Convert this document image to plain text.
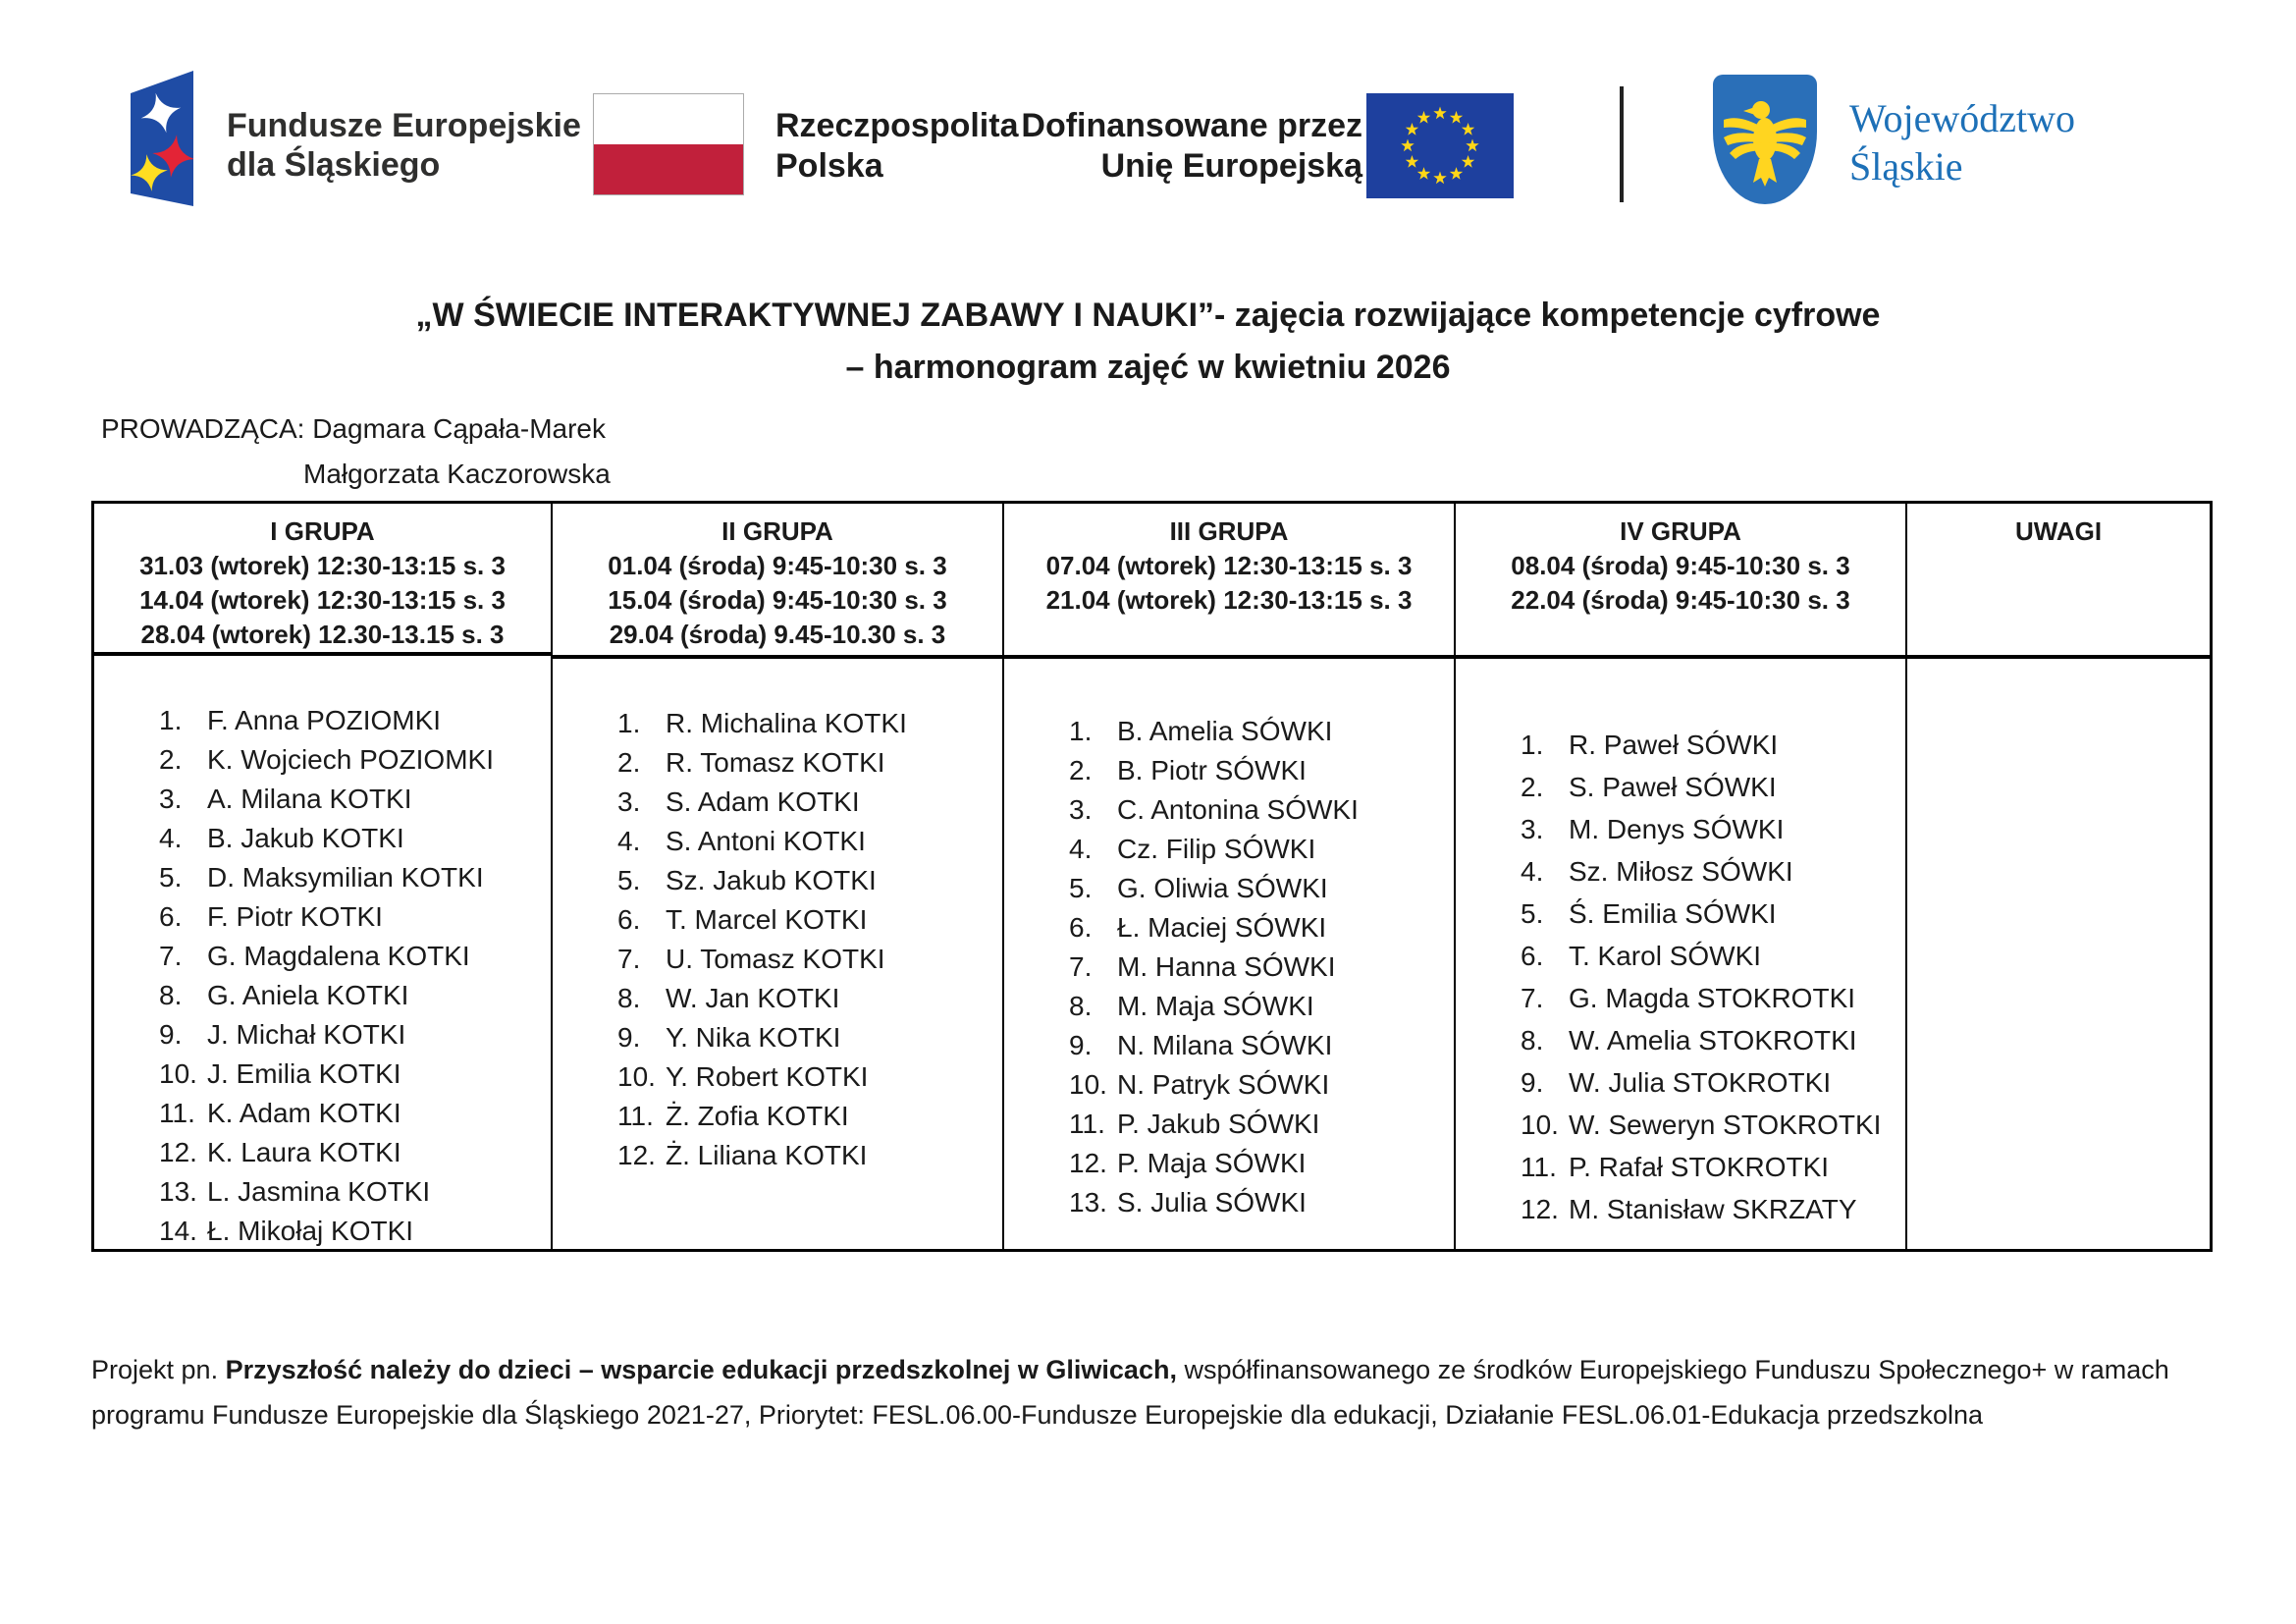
Fundusze Europejskie
dla Śląskiego
Rzeczpospolita
Polska
Dofinansowane przez
Unię Europejską
Województwo
Śląskie
„W ŚWIECIE INTERAKTYWNEJ ZABAWY I NAUKI”- zajęcia rozwijające kompetencje cyfrowe
– harmonogram zajęć w kwietniu 2026
PROWADZĄCA: Dagmara Cąpała-Marek
Małgorzata Kaczorowska
I GRUPA
31.03 (wtorek) 12:30-13:15 s. 3
14.04 (wtorek) 12:30-13:15 s. 3
28.04 (wtorek) 12.30-13.15 s. 3
1. F. Anna POZIOMKI
2. K. Wojciech POZIOMKI
3. A. Milana KOTKI
4. B. Jakub KOTKI
5. D. Maksymilian KOTKI
6. F. Piotr KOTKI
7. G. Magdalena KOTKI
8. G. Aniela KOTKI
9. J. Michał KOTKI
10. J. Emilia KOTKI
11. K. Adam KOTKI
12. K. Laura KOTKI
13. L. Jasmina KOTKI
14. Ł. Mikołaj KOTKI
II GRUPA
01.04 (środa) 9:45-10:30 s. 3
15.04 (środa) 9:45-10:30 s. 3
29.04 (środa) 9.45-10.30 s. 3
1. R. Michalina KOTKI
2. R. Tomasz KOTKI
3. S. Adam KOTKI
4. S. Antoni KOTKI
5. Sz. Jakub KOTKI
6. T. Marcel KOTKI
7. U. Tomasz KOTKI
8. W. Jan KOTKI
9. Y. Nika KOTKI
10. Y. Robert KOTKI
11. Ż. Zofia KOTKI
12. Ż. Liliana KOTKI
III GRUPA
07.04 (wtorek) 12:30-13:15 s. 3
21.04 (wtorek) 12:30-13:15 s. 3
1. B. Amelia SÓWKI
2. B. Piotr SÓWKI
3. C. Antonina SÓWKI
4. Cz. Filip SÓWKI
5. G. Oliwia SÓWKI
6. Ł. Maciej SÓWKI
7. M. Hanna SÓWKI
8. M. Maja SÓWKI
9. N. Milana SÓWKI
10. N. Patryk SÓWKI
11. P. Jakub SÓWKI
12. P. Maja SÓWKI
13. S. Julia SÓWKI
IV GRUPA
08.04 (środa) 9:45-10:30 s. 3
22.04 (środa) 9:45-10:30 s. 3
1. R. Paweł SÓWKI
2. S. Paweł SÓWKI
3. M. Denys SÓWKI
4. Sz. Miłosz SÓWKI
5. Ś. Emilia SÓWKI
6. T. Karol SÓWKI
7. G. Magda STOKROTKI
8. W. Amelia STOKROTKI
9. W. Julia STOKROTKI
10. W. Seweryn STOKROTKI
11. P. Rafał STOKROTKI
12. M. Stanisław SKRZATY
UWAGI
Projekt pn. Przyszłość należy do dzieci – wsparcie edukacji przedszkolnej w Gliwicach, współfinansowanego ze środków Europejskiego Funduszu Społecznego+ w ramach
programu Fundusze Europejskie dla Śląskiego 2021-27, Priorytet: FESL.06.00-Fundusze Europejskie dla edukacji, Działanie FESL.06.01-Edukacja przedszkolna
